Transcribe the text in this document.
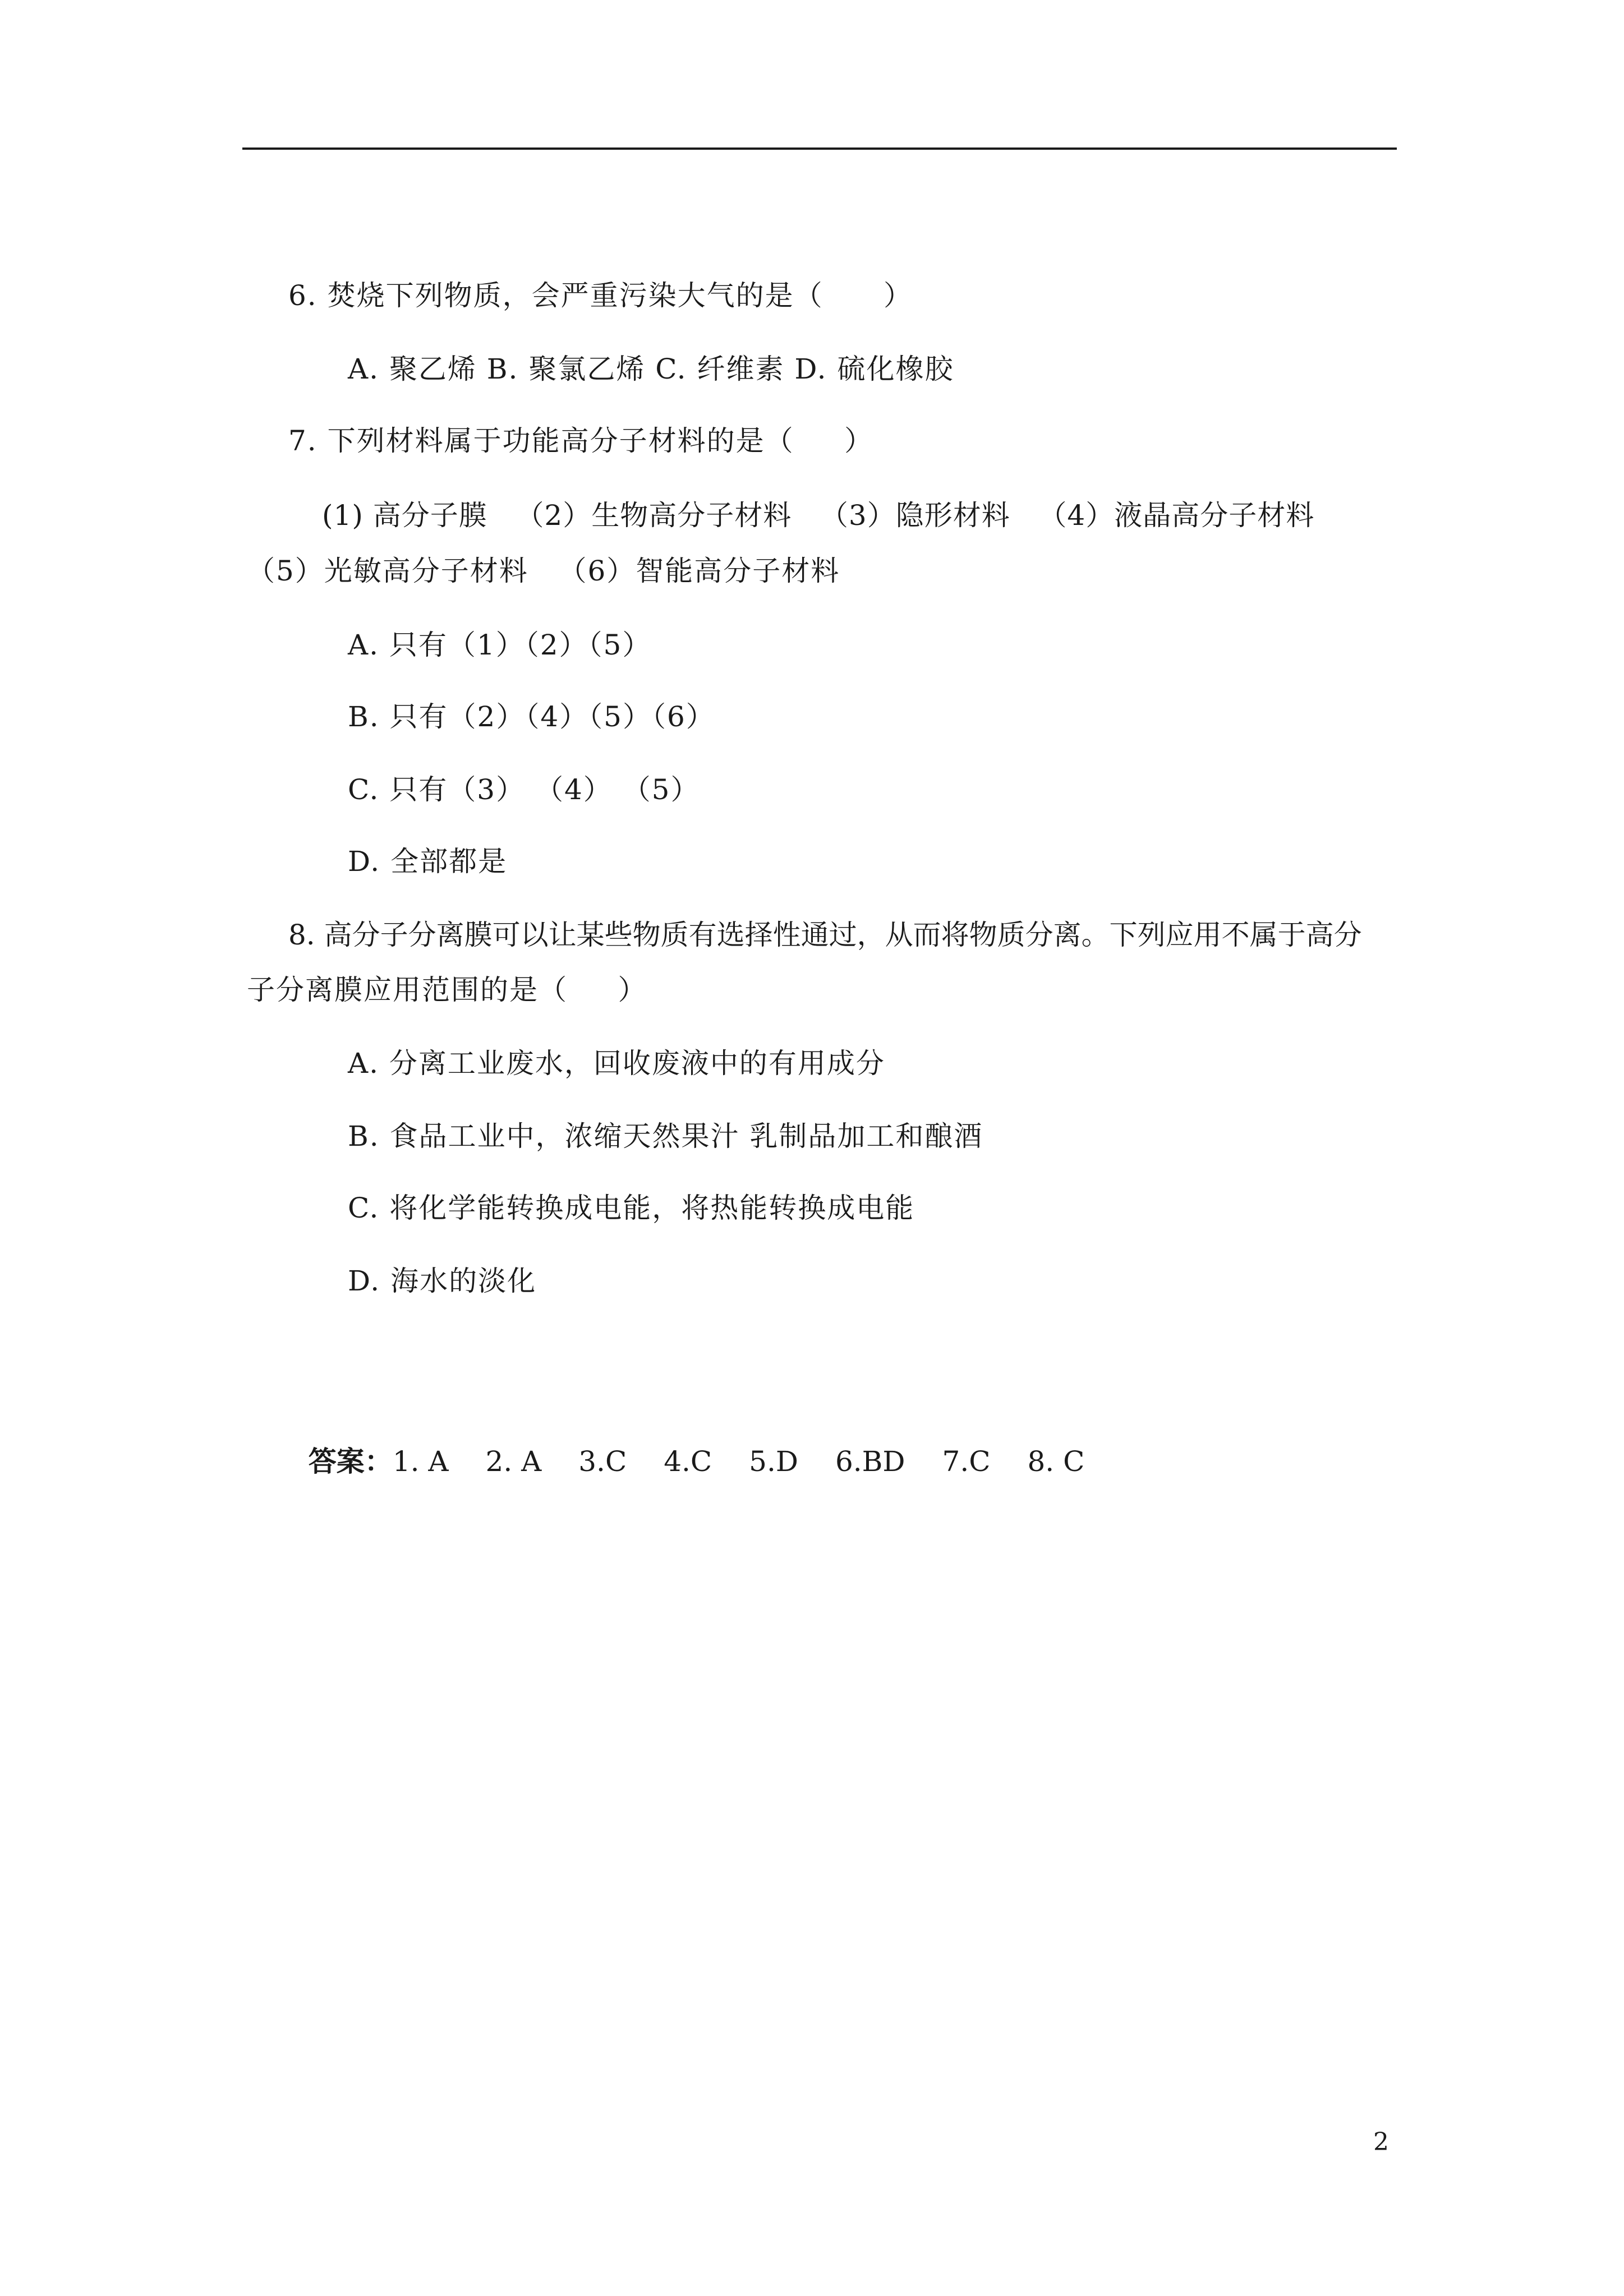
6. 焚烧下列物质，会严重污染大气的是（      ）
A. 聚乙烯 B. 聚氯乙烯 C. 纤维素 D. 硫化橡胶
7. 下列材料属于功能高分子材料的是（     ）
(1) 高分子膜   （2）生物高分子材料   （3）隐形材料   （4）液晶高分子材料
（5）光敏高分子材料   （6）智能高分子材料
A. 只有（1）（2）（5）
B. 只有（2）（4）（5）（6）
C. 只有（3） （4） （5）
D. 全部都是
8. 高分子分离膜可以让某些物质有选择性通过，从而将物质分离。下列应用不属于高分
子分离膜应用范围的是（     ）
A. 分离工业废水，回收废液中的有用成分
B. 食品工业中，浓缩天然果汁 乳制品加工和酿酒
C. 将化学能转换成电能，将热能转换成电能
D. 海水的淡化

答案：1. A 2. A 3.C 4.C 5.D 6.BD 7.C 8. C

2
